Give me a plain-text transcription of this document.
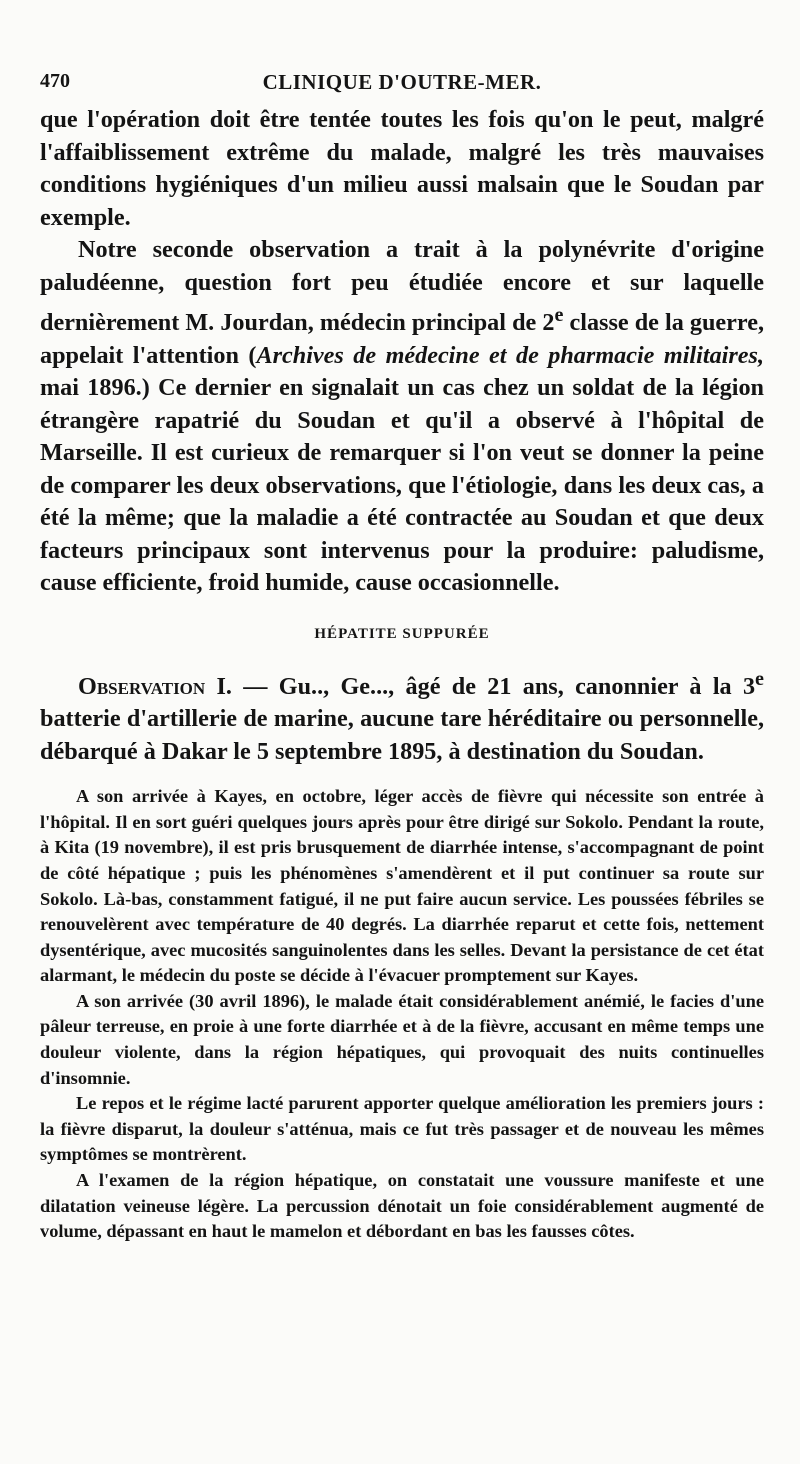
470	CLINIQUE D'OUTRE-MER.

que l'opération doit être tentée toutes les fois qu'on le peut, malgré l'affaiblissement extrême du malade, malgré les très mauvaises conditions hygiéniques d'un milieu aussi malsain que le Soudan par exemple.

Notre seconde observation a trait à la polynévrite d'origine paludéenne, question fort peu étudiée encore et sur laquelle dernièrement M. Jourdan, médecin principal de 2e classe de la guerre, appelait l'attention (Archives de médecine et de pharmacie militaires, mai 1896.) Ce dernier en signalait un cas chez un soldat de la légion étrangère rapatrié du Soudan et qu'il a observé à l'hôpital de Marseille. Il est curieux de remarquer si l'on veut se donner la peine de comparer les deux observations, que l'étiologie, dans les deux cas, a été la même; que la maladie a été contractée au Soudan et que deux facteurs principaux sont intervenus pour la produire: paludisme, cause efficiente, froid humide, cause occasionnelle.

HÉPATITE SUPPURÉE

Observation I. — Gu.., Ge..., âgé de 21 ans, canonnier à la 3e batterie d'artillerie de marine, aucune tare héréditaire ou personnelle, débarqué à Dakar le 5 septembre 1895, à destination du Soudan.

A son arrivée à Kayes, en octobre, léger accès de fièvre qui nécessite son entrée à l'hôpital. Il en sort guéri quelques jours après pour être dirigé sur Sokolo. Pendant la route, à Kita (19 novembre), il est pris brusquement de diarrhée intense, s'accompagnant de point de côté hépatique ; puis les phénomènes s'amendèrent et il put continuer sa route sur Sokolo. Là-bas, constamment fatigué, il ne put faire aucun service. Les poussées fébriles se renouvelèrent avec température de 40 degrés. La diarrhée reparut et cette fois, nettement dysentérique, avec mucosités sanguinolentes dans les selles. Devant la persistance de cet état alarmant, le médecin du poste se décide à l'évacuer promptement sur Kayes.

A son arrivée (30 avril 1896), le malade était considérablement anémié, le facies d'une pâleur terreuse, en proie à une forte diarrhée et à de la fièvre, accusant en même temps une douleur violente, dans la région hépatiques, qui provoquait des nuits continuelles d'insomnie.

Le repos et le régime lacté parurent apporter quelque amélioration les premiers jours : la fièvre disparut, la douleur s'atténua, mais ce fut très passager et de nouveau les mêmes symptômes se montrèrent.

A l'examen de la région hépatique, on constatait une voussure manifeste et une dilatation veineuse légère. La percussion dénotait un foie considérablement augmenté de volume, dépassant en haut le mamelon et débordant en bas les fausses côtes.
